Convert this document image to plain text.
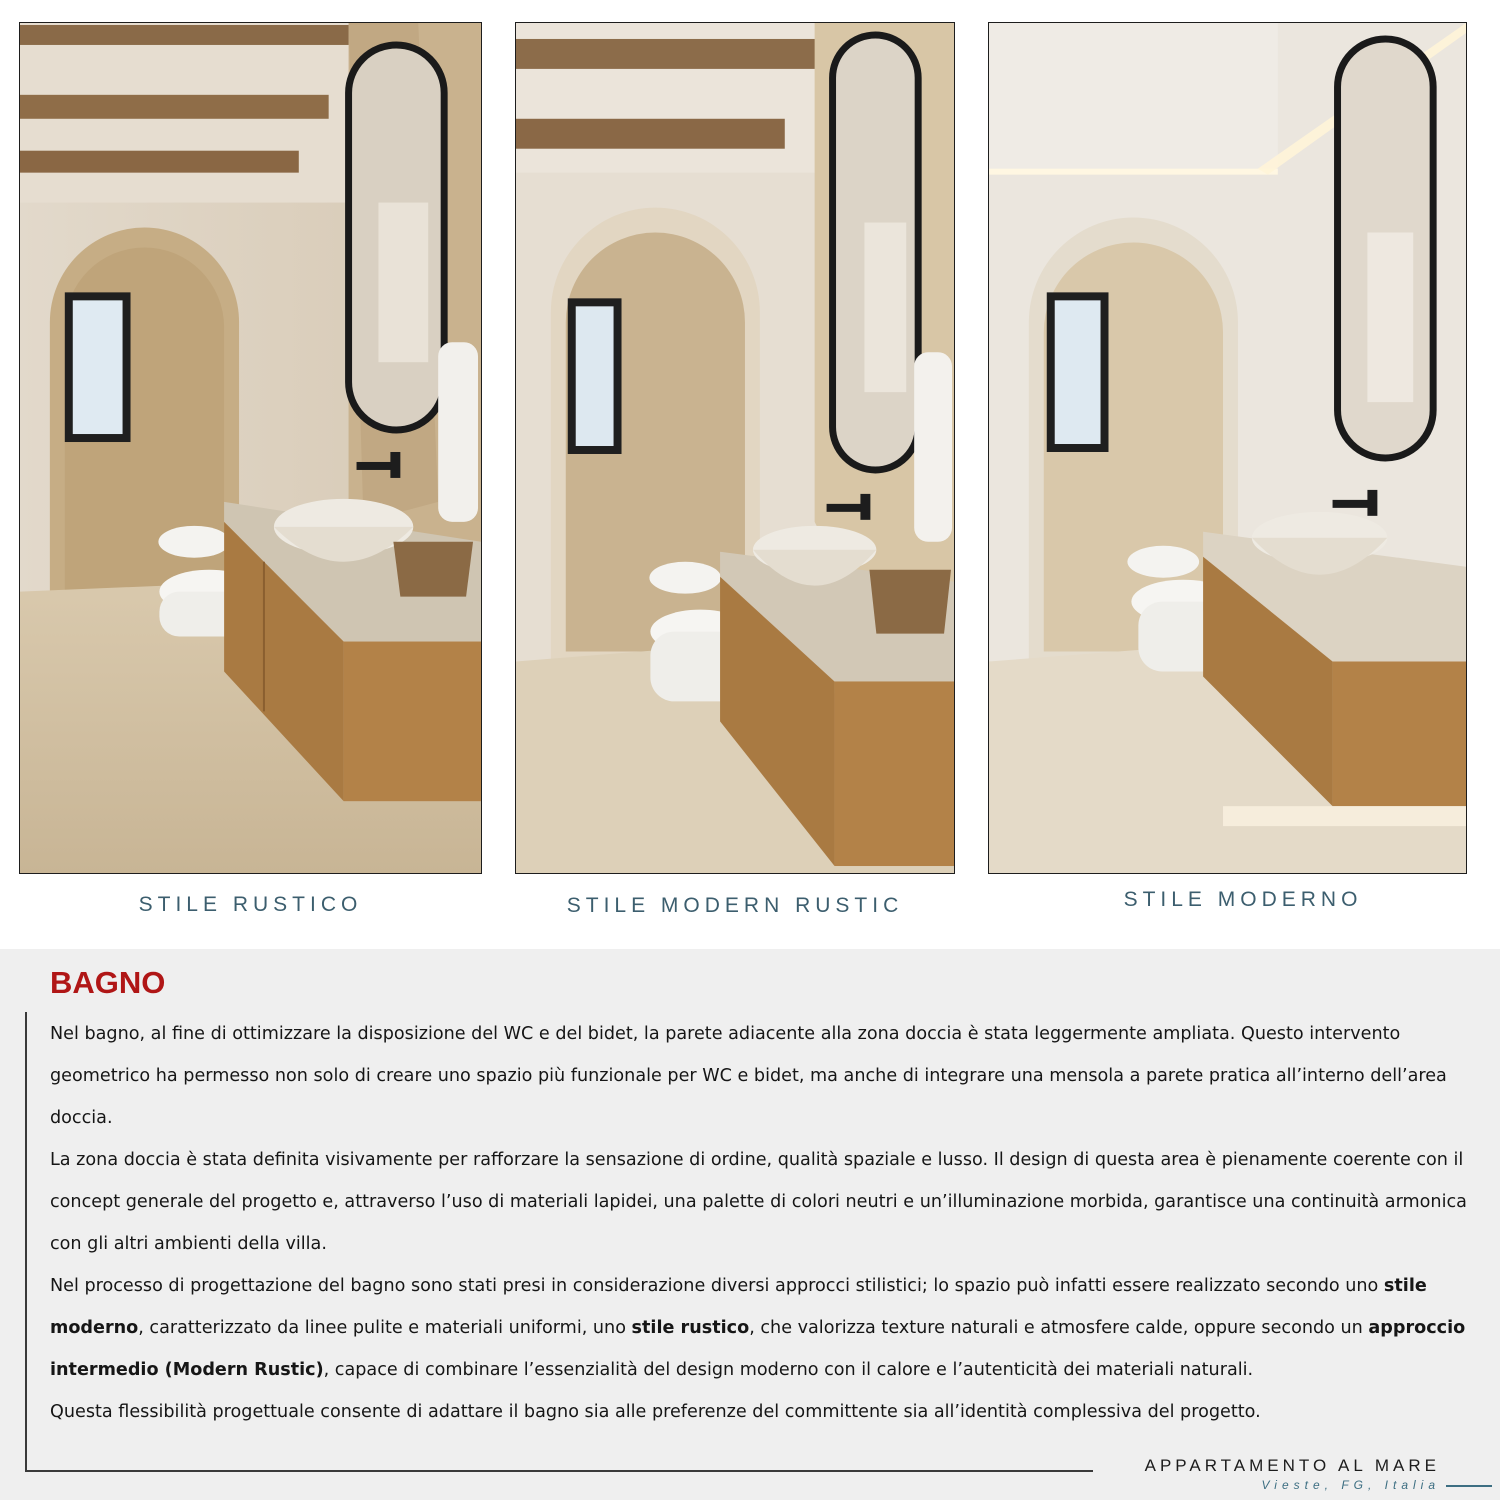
STILE RUSTICO	STILE MODERN RUSTIC	STILE MODERNO
BAGNO

Nel bagno, al fine di ottimizzare la disposizione del WC e del bidet, la parete adiacente alla zona doccia è stata leggermente ampliata. Questo intervento geometrico ha permesso non solo di creare uno spazio più funzionale per WC e bidet, ma anche di integrare una mensola a parete pratica all’interno dell’area doccia.

La zona doccia è stata definita visivamente per rafforzare la sensazione di ordine, qualità spaziale e lusso. Il design di questa area è pienamente coerente con il concept generale del progetto e, attraverso l’uso di materiali lapidei, una palette di colori neutri e un’illuminazione morbida, garantisce una continuità armonica con gli altri ambienti della villa.

Nel processo di progettazione del bagno sono stati presi in considerazione diversi approcci stilistici; lo spazio può infatti essere realizzato secondo uno stile moderno, caratterizzato da linee pulite e materiali uniformi, uno stile rustico, che valorizza texture naturali e atmosfere calde, oppure secondo un approccio intermedio (Modern Rustic), capace di combinare l’essenzialità del design moderno con il calore e l’autenticità dei materiali naturali.

Questa flessibilità progettuale consente di adattare il bagno sia alle preferenze del committente sia all’identità complessiva del progetto.

APPARTAMENTO AL MARE
Vieste, FG, Italia
